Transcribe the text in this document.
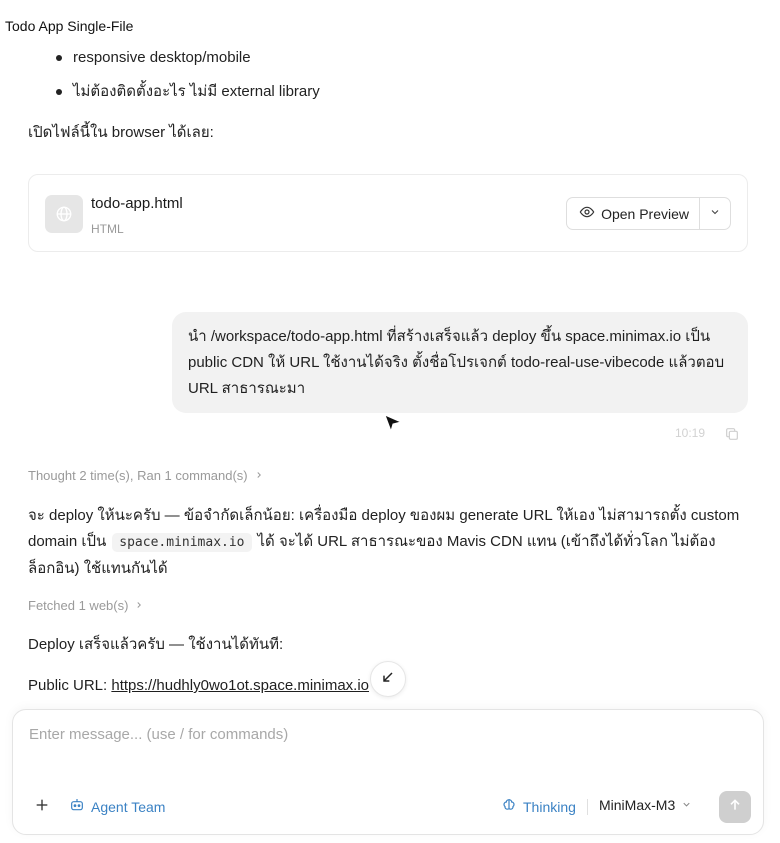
Todo App Single-File
responsive desktop/mobile
ไม่ต้องติดตั้งอะไร ไม่มี external library
เปิดไฟล์นี้ใน browser ได้เลย:
todo-app.html
HTML
Open Preview
นำ /workspace/todo-app.html ที่สร้างเสร็จแล้ว deploy ขึ้น space.minimax.io เป็น public CDN ให้ URL ใช้งานได้จริง ตั้งชื่อโปรเจกต์ todo-real-use-vibecode แล้วตอบ URL สาธารณะมา
10:19
Thought 2 time(s), Ran 1 command(s)
จะ deploy ให้นะครับ — ข้อจำกัดเล็กน้อย: เครื่องมือ deploy ของผม generate URL ให้เอง ไม่สามารถตั้ง custom domain เป็น space.minimax.io ได้ จะได้ URL สาธารณะของ Mavis CDN แทน (เข้าถึงได้ทั่วโลก ไม่ต้องล็อกอิน) ใช้แทนกันได้
Fetched 1 web(s)
Deploy เสร็จแล้วครับ — ใช้งานได้ทันที:
Public URL: https://hudhly0wo1ot.space.minimax.io
Enter message... (use / for commands)
Agent Team	Thinking MiniMax-M3
